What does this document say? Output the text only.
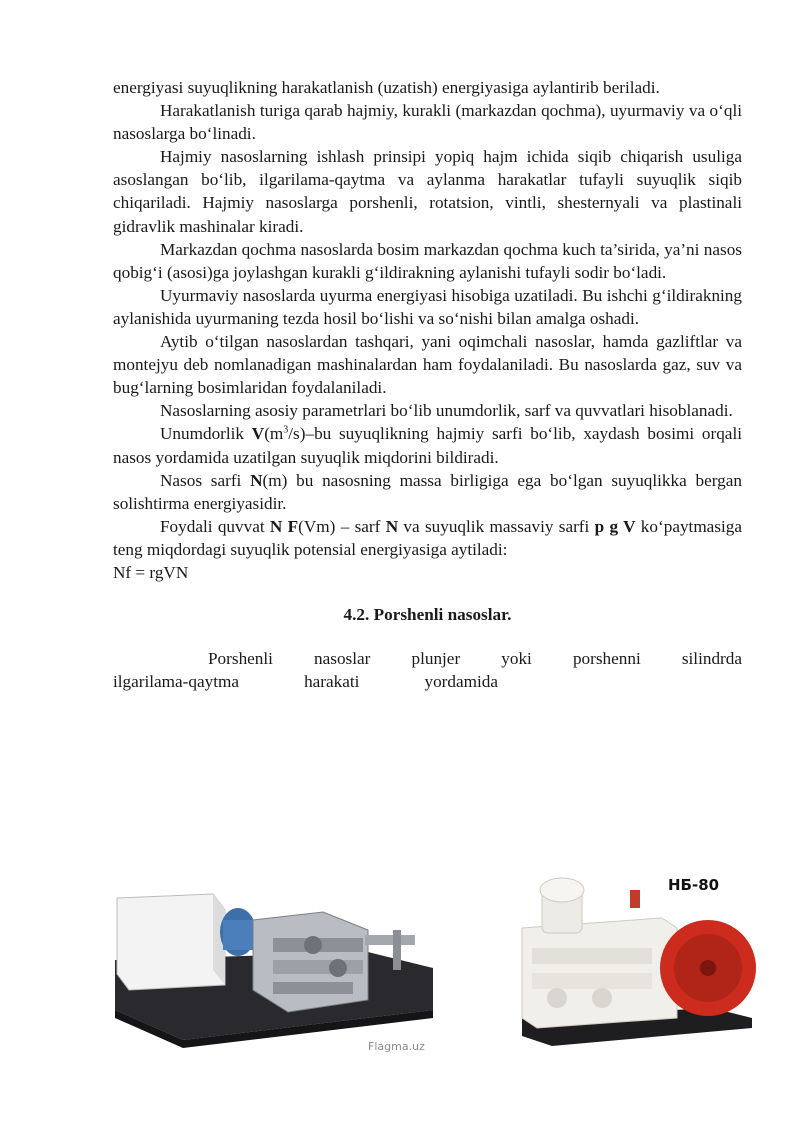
energiyasi suyuqlikning harakatlanish (uzatish) energiyasiga aylantirib beriladi.

Harakatlanish turiga qarab hajmiy, kurakli (markazdan qochma), uyurmaviy va o‘qli nasoslarga bo‘linadi.

Hajmiy nasoslarning ishlash prinsipi yopiq hajm ichida siqib chiqarish usuliga asoslangan bo‘lib, ilgarilama-qaytma va aylanma harakatlar tufayli suyuqlik siqib chiqariladi. Hajmiy nasoslarga porshenli, rotatsion, vintli, shesternyali va plastinali gidravlik mashinalar kiradi.

Markazdan qochma nasoslarda bosim markazdan qochma kuch ta’sirida, ya’ni nasos qobig‘i (asosi)ga joylashgan kurakli g‘ildirakning aylanishi tufayli sodir bo‘ladi.

Uyurmaviy nasoslarda uyurma energiyasi hisobiga uzatiladi. Bu ishchi g‘ildirakning aylanishida uyurmaning tezda hosil bo‘lishi va so‘nishi bilan amalga oshadi.

Aytib o‘tilgan nasoslardan tashqari, yani oqimchali nasoslar, hamda gazliftlar va montejyu deb nomlanadigan mashinalardan ham foydalaniladi. Bu nasoslarda gaz, suv va bug‘larning bosimlaridan foydalaniladi.

Nasoslarning asosiy parametrlari bo‘lib unumdorlik, sarf va quvvatlari hisoblanadi.

Unumdorlik $V(m^3/s)-bu$ suyuqlikning hajmiy sarfi bo‘lib, xaydash bosimi orqali nasos yordamida uzatilgan suyuqlik miqdorini bildiradi.

Nasos sarfi N(m) bu nasosning massa birligiga ega bo‘lgan suyuqlikka bergan solishtirma energiyasidir.

Foydali quvvat N F(Vm) – sarf N va suyuqlik massaviy sarfi p g V ko‘paytmasiga teng miqdordagi suyuqlik potensial energiyasiga aytiladi:

Nf = rgVN
4.2. Porshenli nasoslar.

Porshenli nasoslar plunjer yoki porshenni silindrda

ilgarilama-qaytma harakati yordamida

Flagma.uz
НБ-80
